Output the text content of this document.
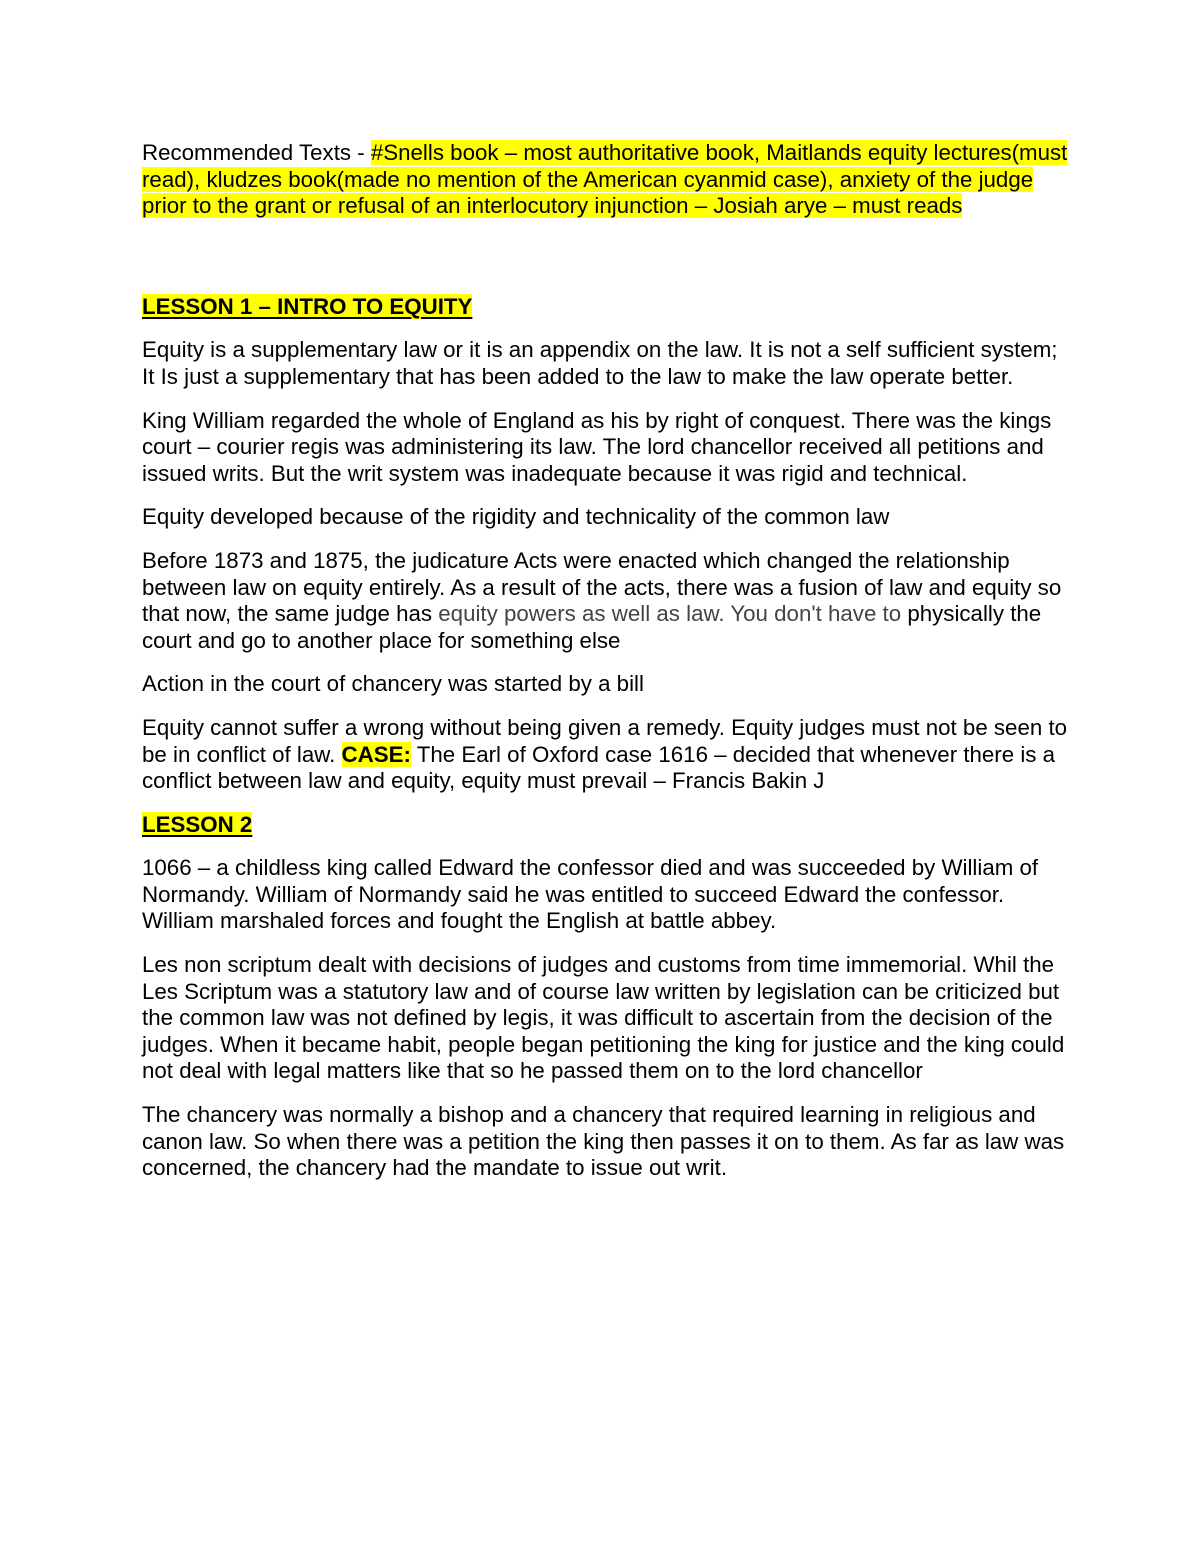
Recommended Texts - #Snells book – most authoritative book, Maitlands equity lectures(must read), kludzes book(made no mention of the American cyanmid case), anxiety of the judge prior to the grant or refusal of an interlocutory injunction – Josiah arye – must reads

LESSON 1 – INTRO TO EQUITY

Equity is a supplementary law or it is an appendix on the law. It is not a self sufficient system; It Is just a supplementary that has been added to the law to make the law operate better.

King William regarded the whole of England as his by right of conquest. There was the kings court – courier regis was administering its law. The lord chancellor received all petitions and issued writs. But the writ system was inadequate because it was rigid and technical.

Equity developed because of the rigidity and technicality of the common law

Before 1873 and 1875, the judicature Acts were enacted which changed the relationship between law on equity entirely. As a result of the acts, there was a fusion of law and equity so that now, the same judge has equity powers as well as law. You don't have to physically the court and go to another place for something else

Action in the court of chancery was started by a bill

Equity cannot suffer a wrong without being given a remedy. Equity judges must not be seen to be in conflict of law. CASE: The Earl of Oxford case 1616 – decided that whenever there is a conflict between law and equity, equity must prevail – Francis Bakin J

LESSON 2

1066 – a childless king called Edward the confessor died and was succeeded by William of Normandy. William of Normandy said he was entitled to succeed Edward the confessor. William marshaled forces and fought the English at battle abbey.

Les non scriptum dealt with decisions of judges and customs from time immemorial. Whil the Les Scriptum was a statutory law and of course law written by legislation can be criticized but the common law was not defined by legis, it was difficult to ascertain from the decision of the judges. When it became habit, people began petitioning the king for justice and the king could not deal with legal matters like that so he passed them on to the lord chancellor

The chancery was normally a bishop and a chancery that required learning in religious and canon law. So when there was a petition the king then passes it on to them. As far as law was concerned, the chancery had the mandate to issue out writ.
